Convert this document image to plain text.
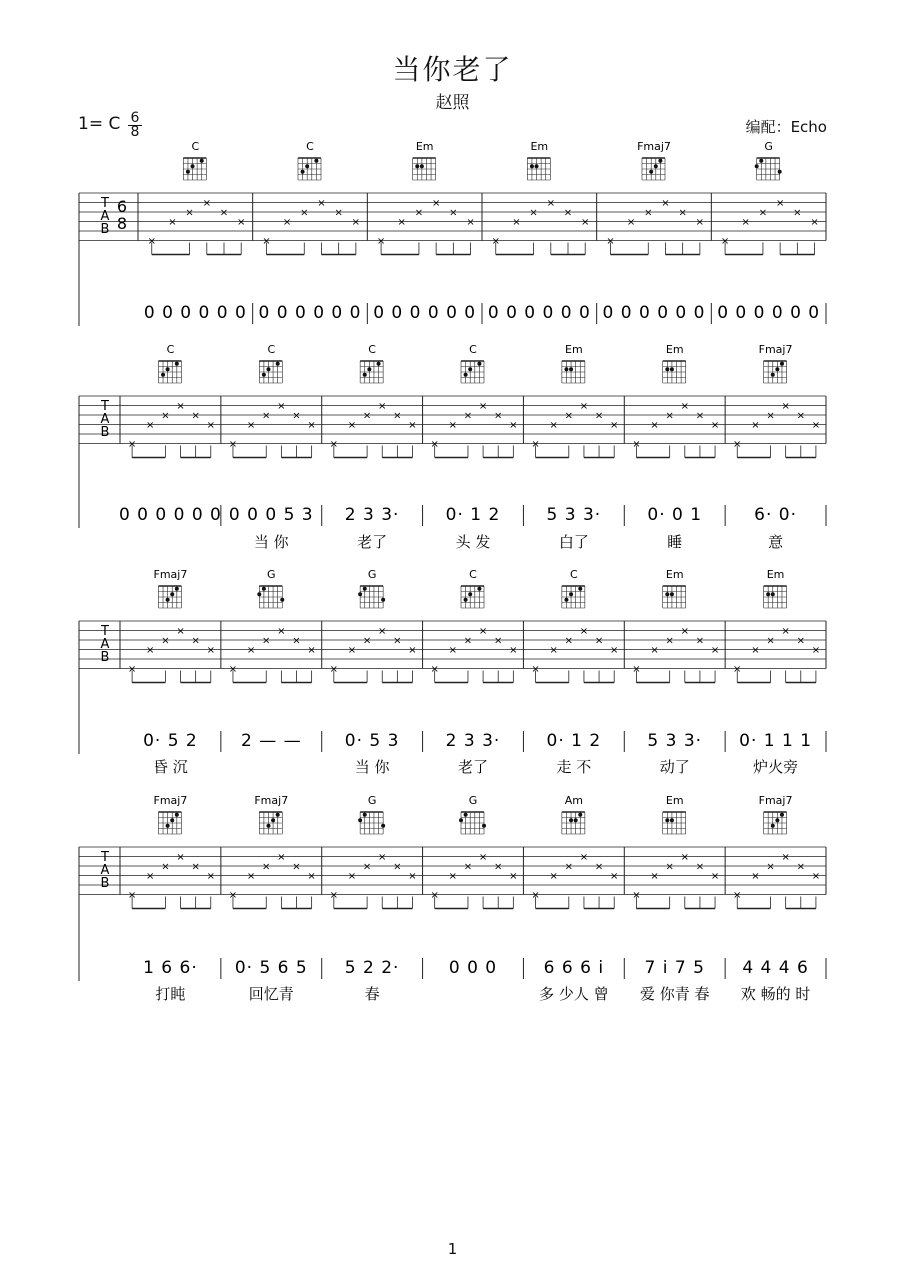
当你老了
赵照
1= C 6
8	编配：Echo
T
A
B
6
8
C
×
×
×
×
×
×
0 0 0 0 0 0
C
×
×
×
×
×
×
0 0 0 0 0 0
Em
×
×
×
×
×
×
0 0 0 0 0 0
Em
×
×
×
×
×
×
0 0 0 0 0 0
Fmaj7
×
×
×
×
×
×
0 0 0 0 0 0
G
×
×
×
×
×
×
0 0 0 0 0 0
T
A
B
C
×
×
×
×
×
×
0 0 0 0 0 0
C
×
×
×
×
×
×
0 0 0 5 3
当 你
C
×
×
×
×
×
×
2 3 3·
老了
C
×
×
×
×
×
×
0· 1 2
头 发
Em
×
×
×
×
×
×
5 3 3·
白了
Em
×
×
×
×
×
×
0· 0 1
睡
Fmaj7
×
×
×
×
×
×
6· 0·
意
T
A
B
Fmaj7
×
×
×
×
×
×
0· 5 2
昏 沉
G
×
×
×
×
×
×
2 — —
G
×
×
×
×
×
×
0· 5 3
当 你
C
×
×
×
×
×
×
2 3 3·
老了
C
×
×
×
×
×
×
0· 1 2
走 不
Em
×
×
×
×
×
×
5 3 3·
动了
Em
×
×
×
×
×
×
0· 1 1 1
炉火旁
T
A
B
Fmaj7
×
×
×
×
×
×
1 6 6·
打盹
Fmaj7
×
×
×
×
×
×
0· 5 6 5
回忆青
G
×
×
×
×
×
×
5 2 2·
春
G
×
×
×
×
×
×
0 0 0
Am
×
×
×
×
×
×
6 6 6 i
多 少人 曾
Em
×
×
×
×
×
×
7 i 7 5
爱 你青 春
Fmaj7
×
×
×
×
×
×
4 4 4 6
欢 畅的 时
1
